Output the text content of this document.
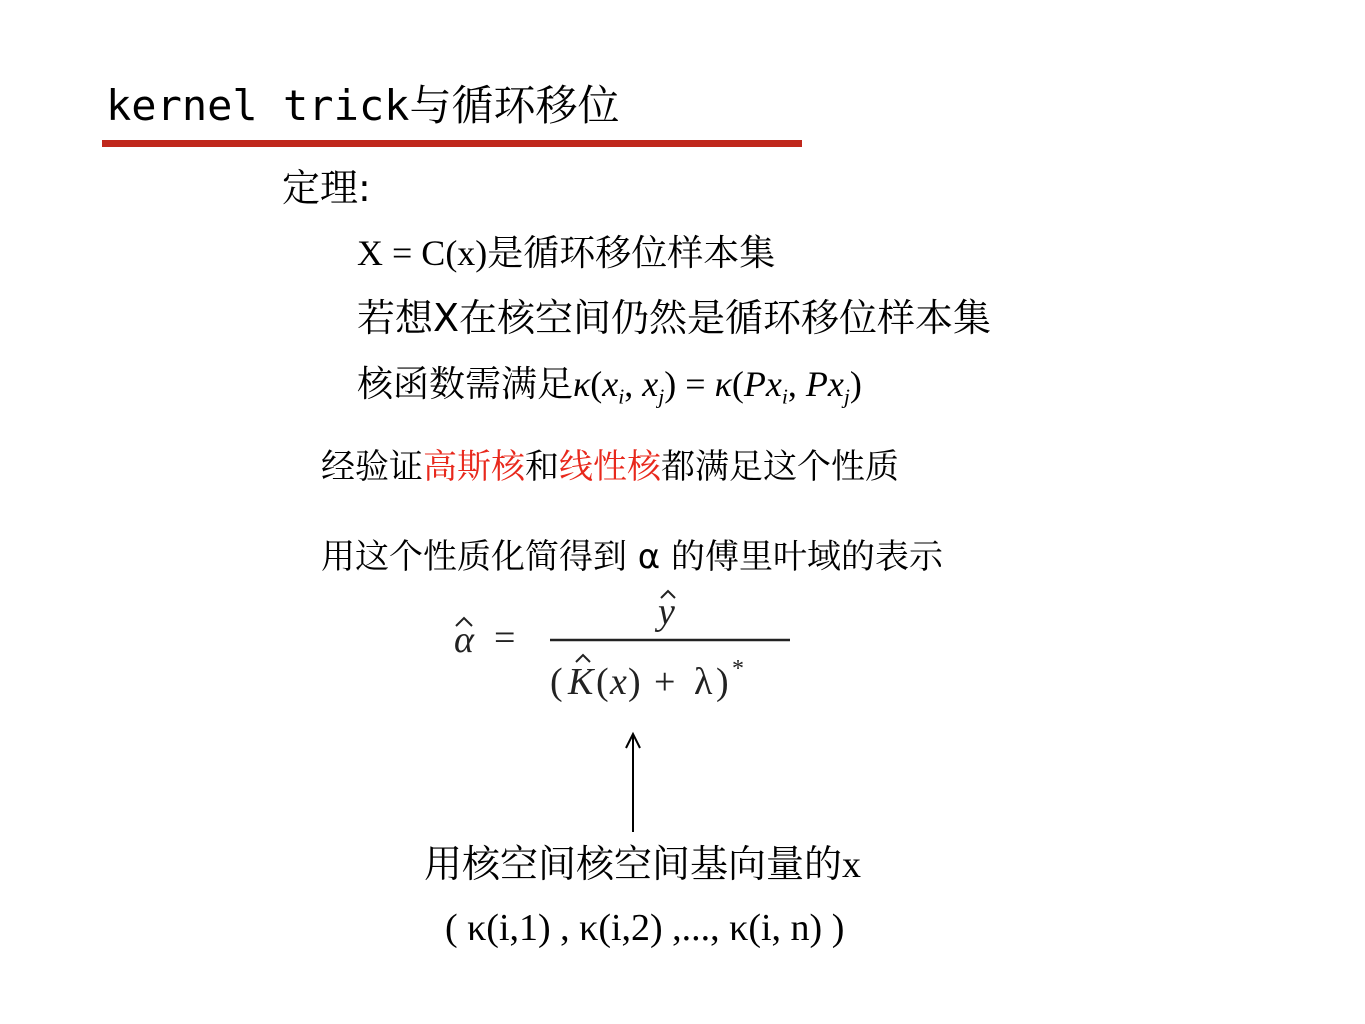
kernel trick与循环移位
定理:
X = C(x)是循环移位样本集
若想X在核空间仍然是循环移位样本集
核函数需满足$\kappa(x_i$, $x_j) = \kappa(Px_i$, $Px_j$)
经验证高斯核和线性核都满足这个性质
用这个性质化简得到 α 的傅里叶域的表示
α =
y
( K ( x ) + λ ) *
用核空间核空间基向量的x
( κ(i,1) , κ(i,2) ,..., κ(i, n) )
